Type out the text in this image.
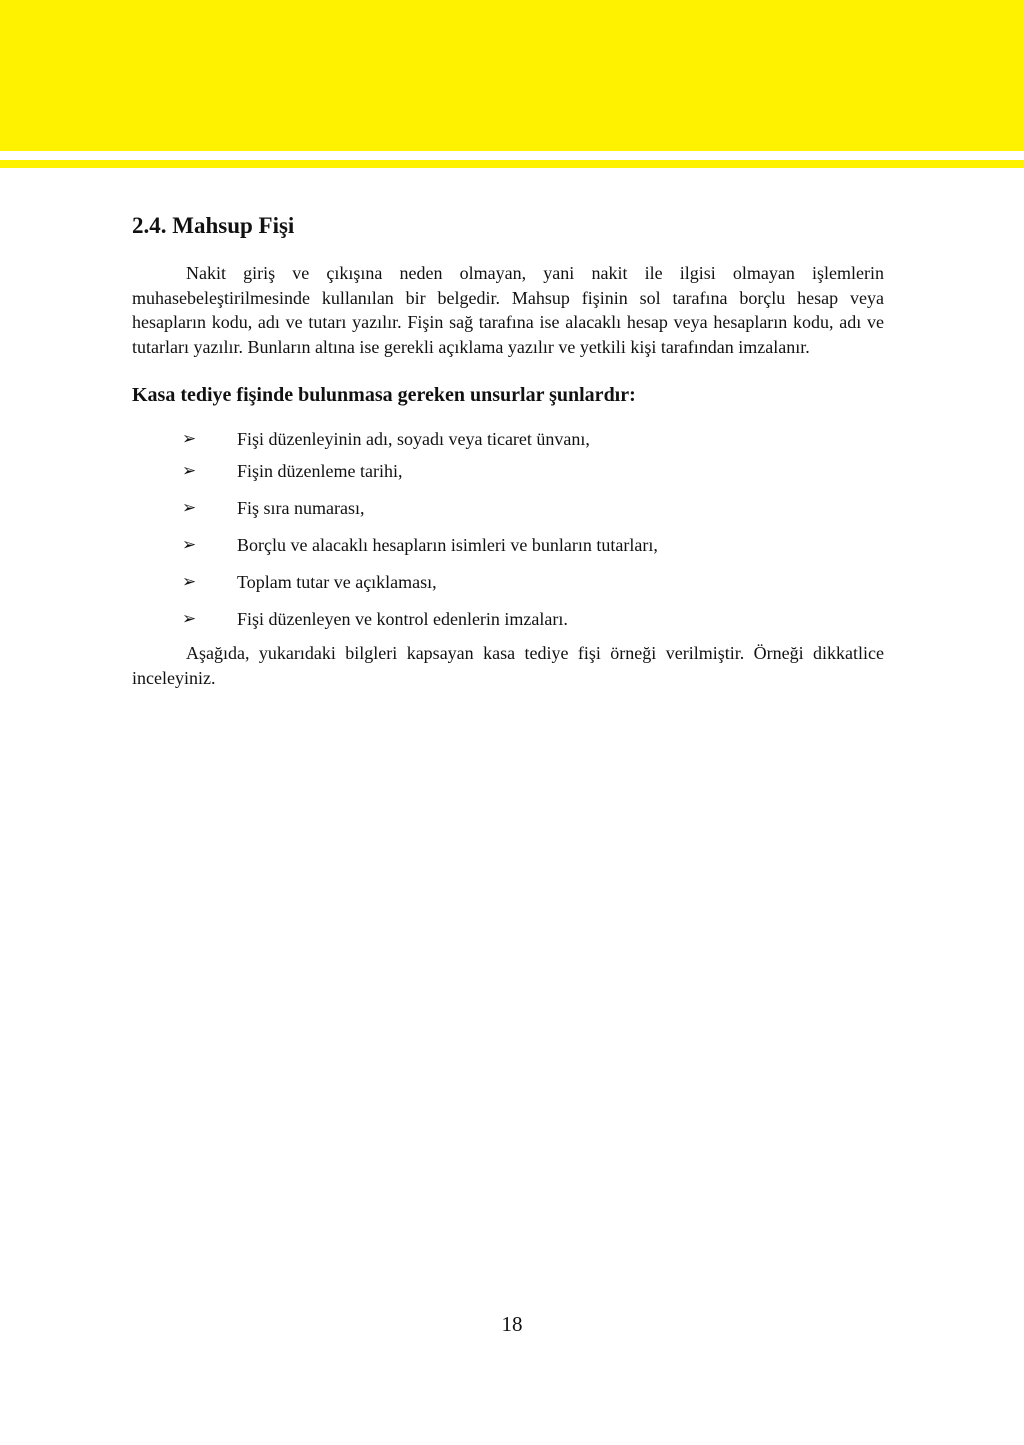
2.4. Mahsup Fişi

Nakit giriş ve çıkışına neden olmayan, yani nakit ile ilgisi olmayan işlemlerin muhasebeleştirilmesinde kullanılan bir belgedir. Mahsup fişinin sol tarafına borçlu hesap veya hesapların kodu, adı ve tutarı yazılır. Fişin sağ tarafına ise alacaklı hesap veya hesapların kodu, adı ve tutarları yazılır. Bunların altına ise gerekli açıklama yazılır ve yetkili kişi tarafından imzalanır.

Kasa tediye fişinde bulunmasa gereken unsurlar şunlardır:
➢ Fişi düzenleyinin adı, soyadı veya ticaret ünvanı,
➢ Fişin düzenleme tarihi,
➢ Fiş sıra numarası,
➢ Borçlu ve alacaklı hesapların isimleri ve bunların tutarları,
➢ Toplam tutar ve açıklaması,
➢ Fişi düzenleyen ve kontrol edenlerin imzaları.

Aşağıda, yukarıdaki bilgleri kapsayan kasa tediye fişi örneği verilmiştir. Örneği dikkatlice inceleyiniz.

18
